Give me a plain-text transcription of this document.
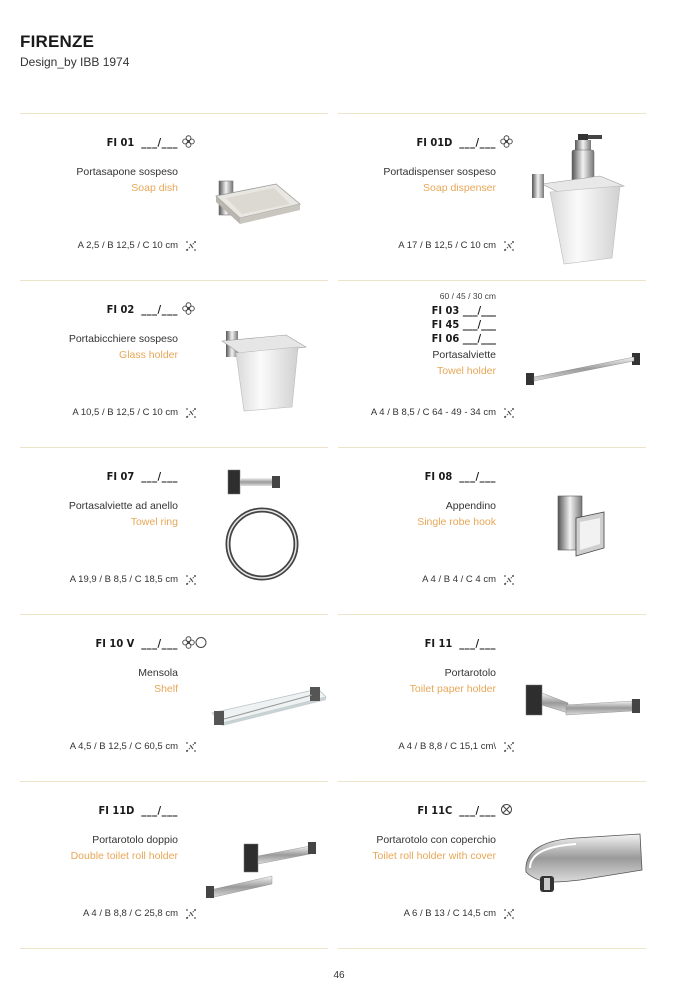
FIRENZE
Design_by IBB 1974
FI 01 ___/___
Portasapone sospeso
Soap dish
A 2,5 / B 12,5 / C 10 cm
FI 01D ___/___
Portadispenser sospeso
Soap dispenser
A 17 / B 12,5 / C 10 cm
FI 02 ___/___
Portabicchiere sospeso
Glass holder
A 10,5 / B 12,5 / C 10 cm
60 / 45 / 30 cm
FI 03 ___/___
FI 45 ___/___
FI 06 ___/___
Portasalviette
Towel holder
A 4 / B 8,5 / C 64 - 49 - 34 cm
FI 07 ___/___
Portasalviette ad anello
Towel ring
A 19,9 / B 8,5 / C 18,5 cm
FI 08 ___/___
Appendino
Single robe hook
A 4 / B 4 / C 4 cm
FI 10 V ___/___
Mensola
Shelf
A 4,5 / B 12,5 / C 60,5 cm
FI 11 ___/___
Portarotolo
Toilet paper holder
A 4 / B 8,8 / C 15,1 cm\
FI 11D ___/___
Portarotolo doppio
Double toilet roll holder
A 4 / B 8,8 / C 25,8 cm
FI 11C ___/___
Portarotolo con coperchio
Toilet roll holder with cover
A 6 / B 13 / C 14,5 cm
46
